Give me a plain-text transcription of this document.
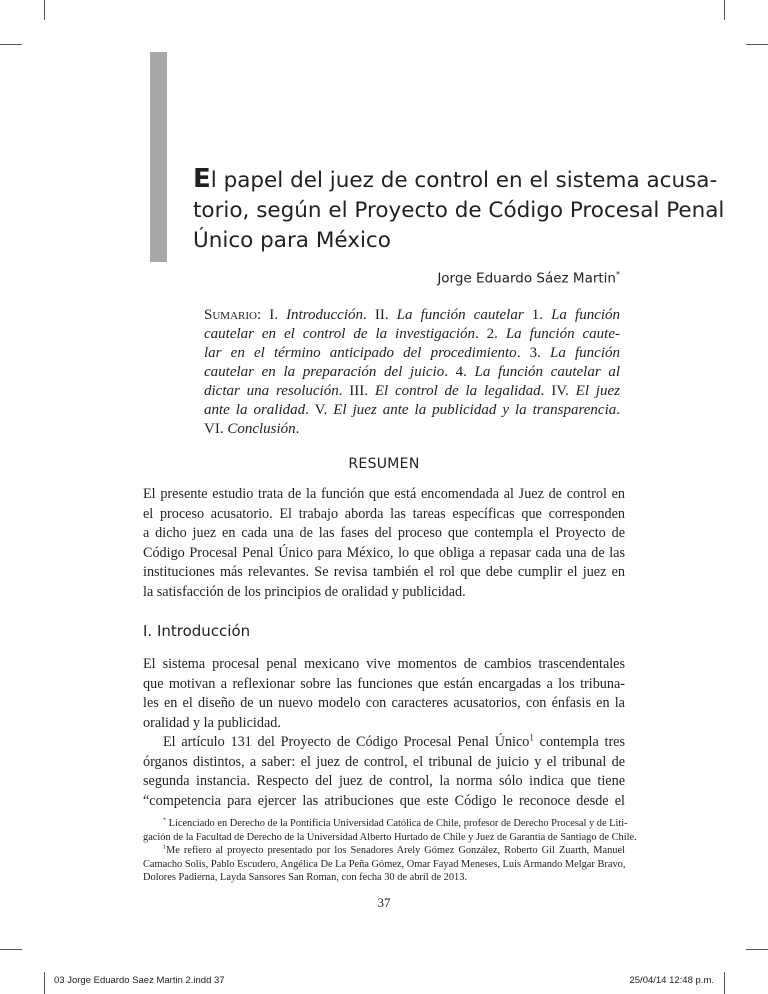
El papel del juez de control en el sistema acusa-
torio, según el Proyecto de Código Procesal Penal
Único para México
Jorge Eduardo Sáez Martin*
Sumario: I. Introducción. II. La función cautelar 1. La función
cautelar en el control de la investigación. 2. La función caute-
lar en el término anticipado del procedimiento. 3. La función
cautelar en la preparación del juicio. 4. La función cautelar al
dictar una resolución. III. El control de la legalidad. IV. El juez
ante la oralidad. V. El juez ante la publicidad y la transparencia.
VI. Conclusión.
RESUMEN
El presente estudio trata de la función que está encomendada al Juez de control en
el proceso acusatorio. El trabajo aborda las tareas específicas que corresponden
a dicho juez en cada una de las fases del proceso que contempla el Proyecto de
Código Procesal Penal Único para México, lo que obliga a repasar cada una de las
instituciones más relevantes. Se revisa también el rol que debe cumplir el juez en
la satisfacción de los principios de oralidad y publicidad.
I. Introducción
El sistema procesal penal mexicano vive momentos de cambios trascendentales
que motivan a reflexionar sobre las funciones que están encargadas a los tribuna-
les en el diseño de un nuevo modelo con caracteres acusatorios, con énfasis en la
oralidad y la publicidad.
El artículo 131 del Proyecto de Código Procesal Penal Único$^1$ contempla tres
órganos distintos, a saber: el juez de control, el tribunal de juicio y el tribunal de
segunda instancia. Respecto del juez de control, la norma sólo indica que tiene
“competencia para ejercer las atribuciones que este Código le reconoce desde el
* Licenciado en Derecho de la Pontificia Universidad Católica de Chile, profesor de Derecho Procesal y de Liti-
gación de la Facultad de Derecho de la Universidad Alberto Hurtado de Chile y Juez de Garantía de Santiago de Chile.
$^1$Me refiero al proyecto presentado por los Senadores Arely Gómez González, Roberto Gil Zuarth, Manuel
Camacho Solis, Pablo Escudero, Angélica De La Peña Gómez, Omar Fayad Meneses, Luis Armando Melgar Bravo,
Dolores Padierna, Layda Sansores San Roman, con fecha 30 de abril de 2013.
37
03 Jorge Eduardo Saez Martin 2.indd 37	25/04/14 12:48 p.m.
